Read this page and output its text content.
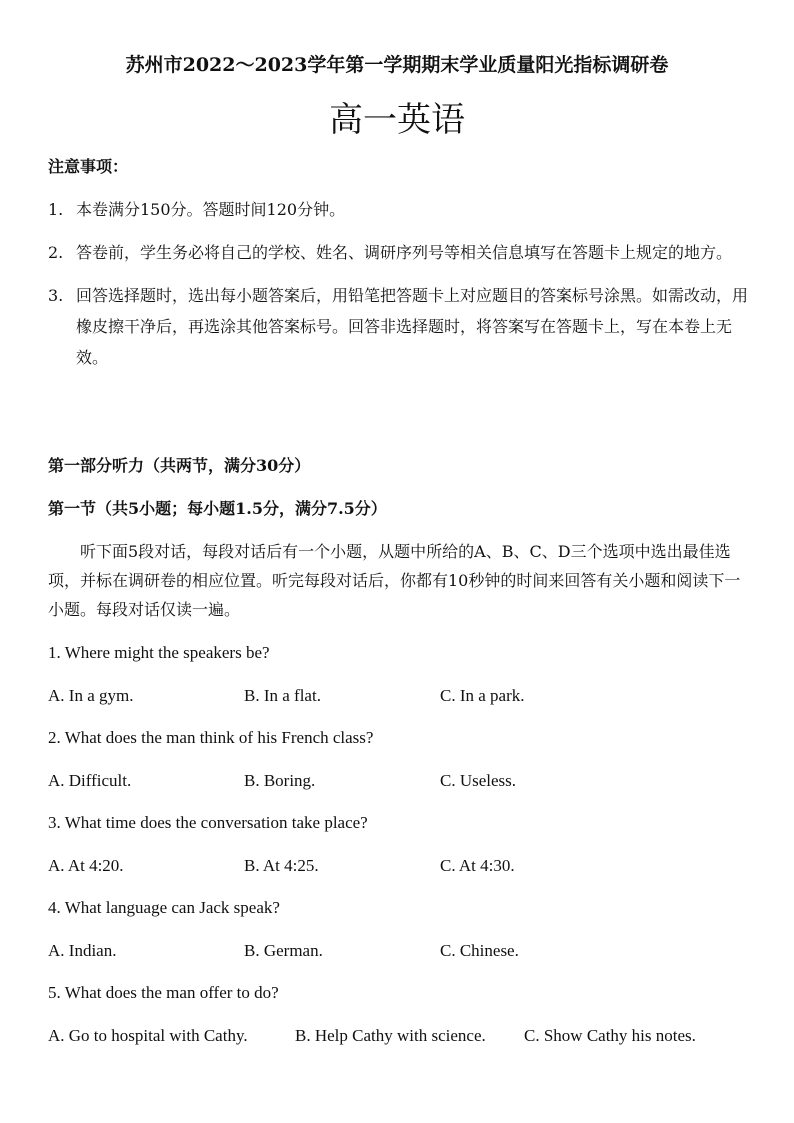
苏州市2022～2023学年第一学期期末学业质量阳光指标调研卷
高一英语
注意事项：
1. 本卷满分150分。答题时间120分钟。
2. 答卷前，学生务必将自己的学校、姓名、调研序列号等相关信息填写在答题卡上规定的地方。
3. 回答选择题时，选出每小题答案后，用铅笔把答题卡上对应题目的答案标号涂黑。如需改动，用橡皮擦干净后，再选涂其他答案标号。回答非选择题时，将答案写在答题卡上，写在本卷上无效。
第一部分听力（共两节，满分30分）
第一节（共5小题；每小题1.5分，满分7.5分）
听下面5段对话，每段对话后有一个小题，从题中所给的A、B、C、D三个选项中选出最佳选项，并标在调研卷的相应位置。听完每段对话后，你都有10秒钟的时间来回答有关小题和阅读下一小题。每段对话仅读一遍。
1. Where might the speakers be?
A. In a gym.	B. In a flat.	C. In a park.
2. What does the man think of his French class?
A. Difficult.	B. Boring.	C. Useless.
3. What time does the conversation take place?
A. At 4:20.	B. At 4:25.	C. At 4:30.
4. What language can Jack speak?
A. Indian.	B. German.	C. Chinese.
5. What does the man offer to do?
A. Go to hospital with Cathy.	B. Help Cathy with science. C. Show Cathy his notes.
